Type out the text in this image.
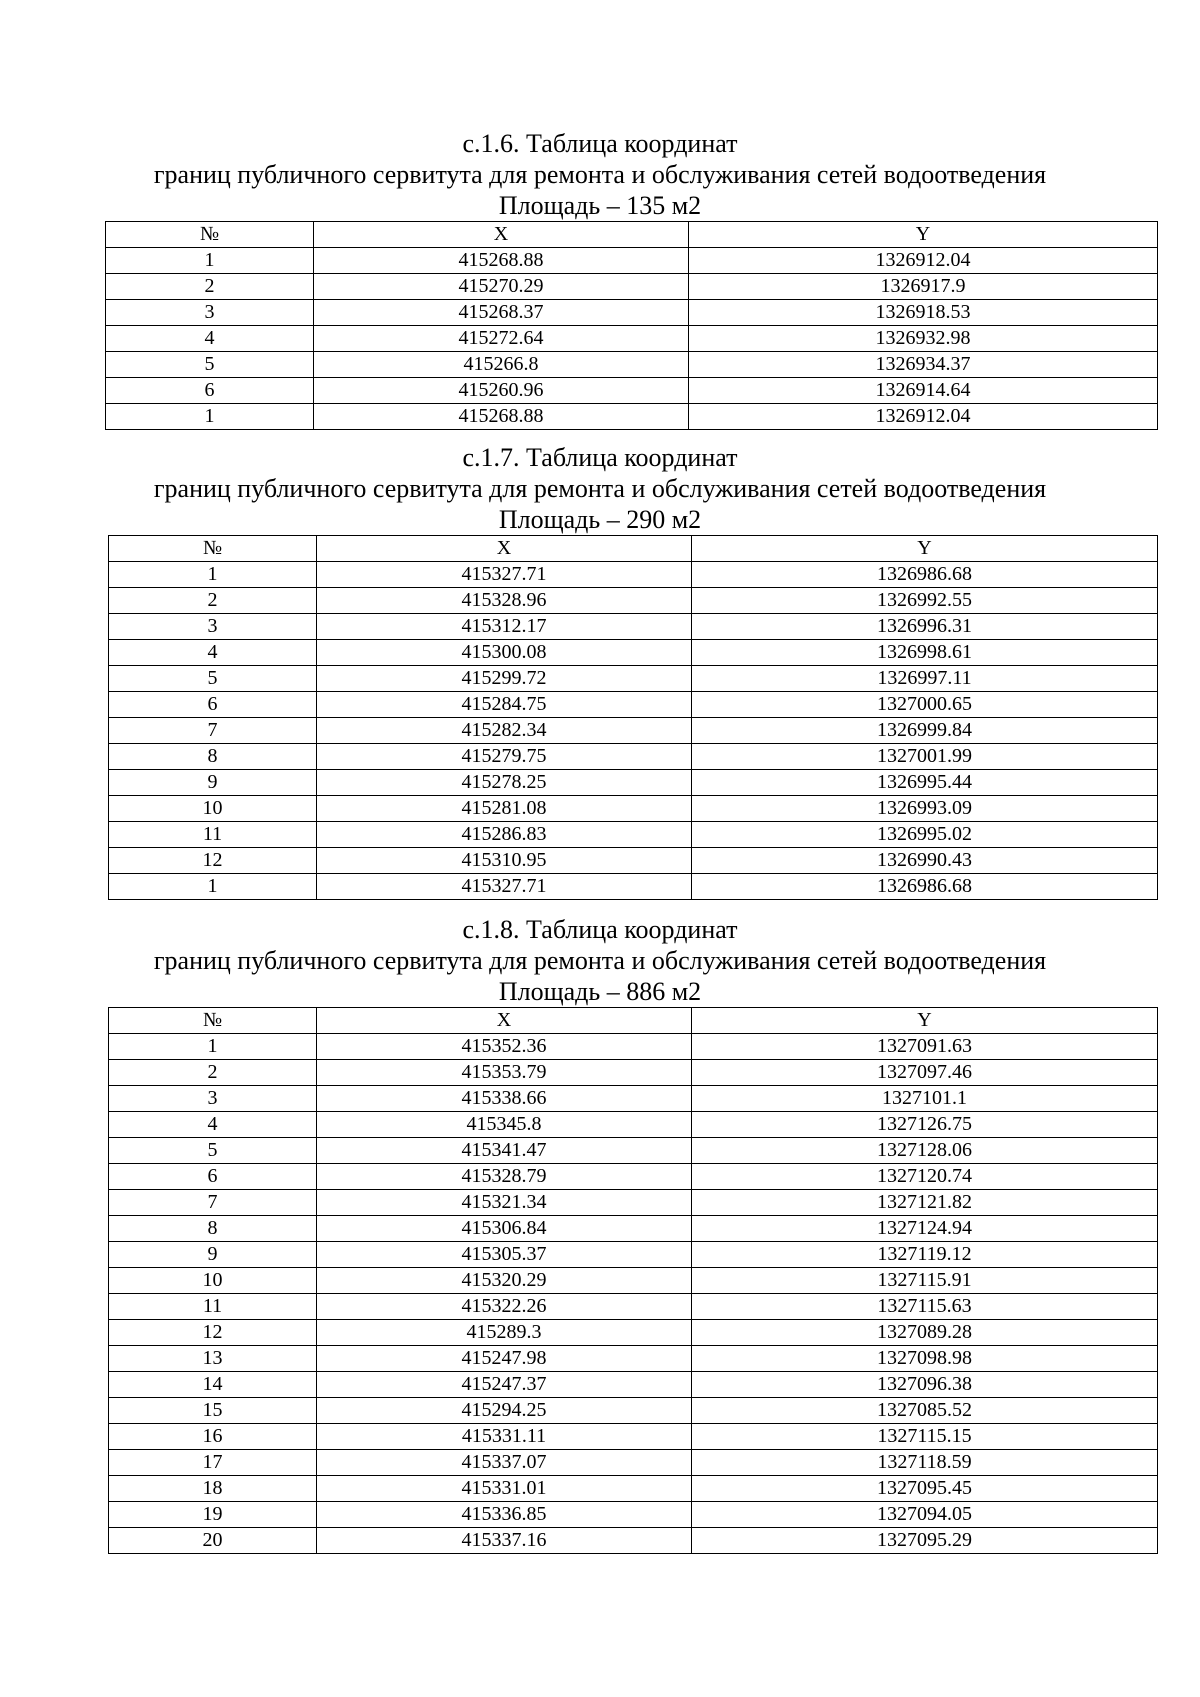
с.1.6. Таблица координат

границ публичного сервитута для ремонта и обслуживания сетей водоотведения

Площадь – 135 м2

№	X	Y
1	415268.88	1326912.04
2	415270.29	1326917.9
3	415268.37	1326918.53
4	415272.64	1326932.98
5	415266.8	1326934.37
6	415260.96	1326914.64
1	415268.88	1326912.04

с.1.7. Таблица координат

границ публичного сервитута для ремонта и обслуживания сетей водоотведения

Площадь – 290 м2

№	X	Y
1	415327.71	1326986.68
2	415328.96	1326992.55
3	415312.17	1326996.31
4	415300.08	1326998.61
5	415299.72	1326997.11
6	415284.75	1327000.65
7	415282.34	1326999.84
8	415279.75	1327001.99
9	415278.25	1326995.44
10	415281.08	1326993.09
11	415286.83	1326995.02
12	415310.95	1326990.43
1	415327.71	1326986.68

с.1.8. Таблица координат

границ публичного сервитута для ремонта и обслуживания сетей водоотведения

Площадь – 886 м2

№	X	Y
1	415352.36	1327091.63
2	415353.79	1327097.46
3	415338.66	1327101.1
4	415345.8	1327126.75
5	415341.47	1327128.06
6	415328.79	1327120.74
7	415321.34	1327121.82
8	415306.84	1327124.94
9	415305.37	1327119.12
10	415320.29	1327115.91
11	415322.26	1327115.63
12	415289.3	1327089.28
13	415247.98	1327098.98
14	415247.37	1327096.38
15	415294.25	1327085.52
16	415331.11	1327115.15
17	415337.07	1327118.59
18	415331.01	1327095.45
19	415336.85	1327094.05
20	415337.16	1327095.29
